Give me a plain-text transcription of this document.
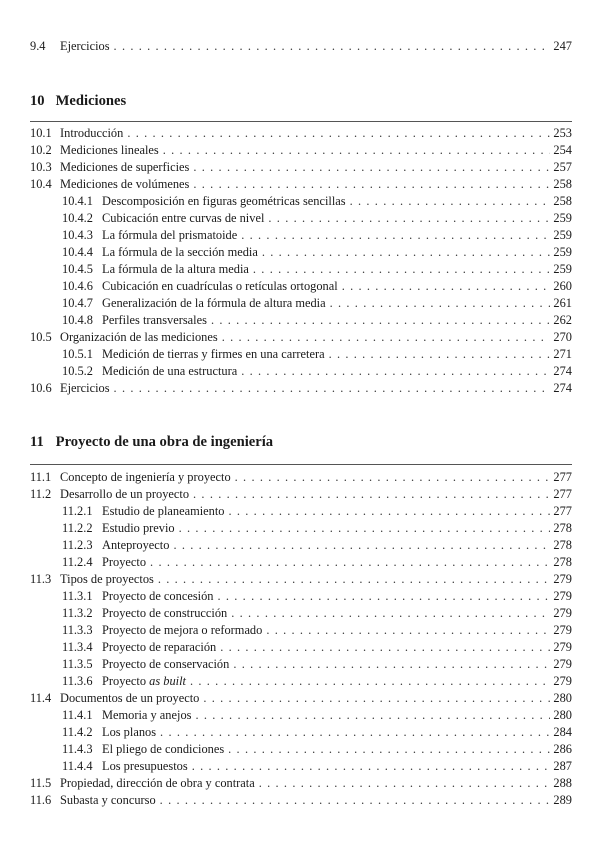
9.4	Ejercicios . . .	247
10 Mediciones
10.1 Introducción . . .	253
10.2 Mediciones lineales . . .	254
10.3 Mediciones de superficies . . .	257
10.4 Mediciones de volúmenes . . .	258
10.4.1 Descomposición en figuras geométricas sencillas . . .	258
10.4.2 Cubicación entre curvas de nivel . . .	259
10.4.3 La fórmula del prismatoide . . .	259
10.4.4 La fórmula de la sección media . . .	259
10.4.5 La fórmula de la altura media . . .	259
10.4.6 Cubicación en cuadrículas o retículas ortogonal . . .	260
10.4.7 Generalización de la fórmula de altura media . . .	261
10.4.8 Perfiles transversales . . .	262
10.5 Organización de las mediciones . . .	270
10.5.1 Medición de tierras y firmes en una carretera . . .	271
10.5.2 Medición de una estructura . . .	274
10.6 Ejercicios . . .	274
11 Proyecto de una obra de ingeniería
11.1 Concepto de ingeniería y proyecto . . .	277
11.2 Desarrollo de un proyecto . . .	277
11.2.1 Estudio de planeamiento . . .	277
11.2.2 Estudio previo . . .	278
11.2.3 Anteproyecto . . .	278
11.2.4 Proyecto . . .	278
11.3 Tipos de proyectos . . .	279
11.3.1 Proyecto de concesión . . .	279
11.3.2 Proyecto de construcción . . .	279
11.3.3 Proyecto de mejora o reformado . . .	279
11.3.4 Proyecto de reparación . . .	279
11.3.5 Proyecto de conservación . . .	279
11.3.6 Proyecto as built . . .	279
11.4 Documentos de un proyecto . . .	280
11.4.1 Memoria y anejos . . .	280
11.4.2 Los planos . . .	284
11.4.3 El pliego de condiciones . . .	286
11.4.4 Los presupuestos . . .	287
11.5 Propiedad, dirección de obra y contrata . . .	288
11.6 Subasta y concurso . . .	289
